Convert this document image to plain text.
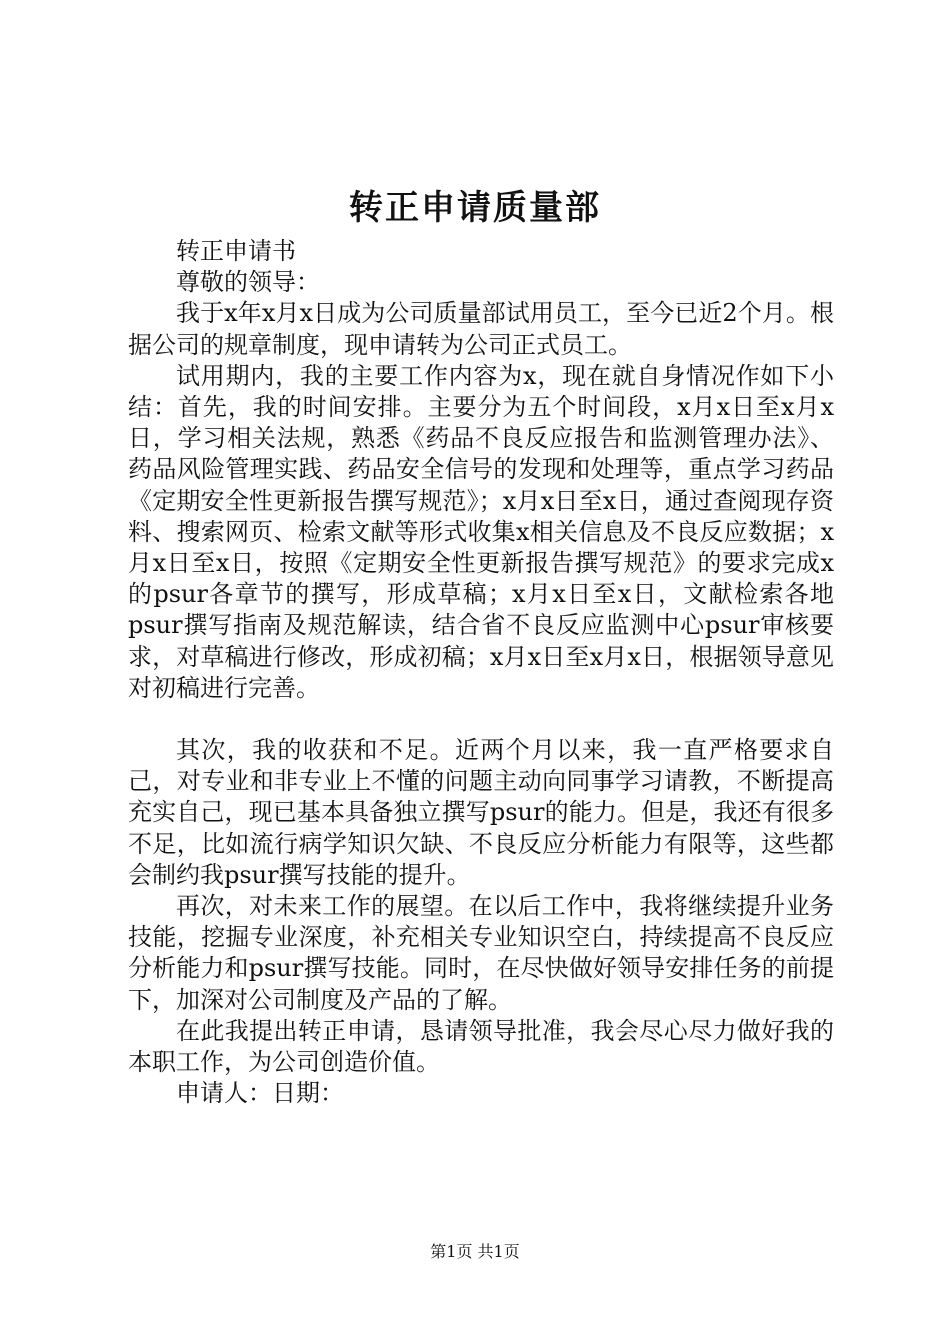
转正申请质量部

转正申请书

尊敬的领导：

我于x年x月x日成为公司质量部试用员工，至今已近2个月。根据公司的规章制度，现申请转为公司正式员工。

试用期内，我的主要工作内容为x，现在就自身情况作如下小结：首先，我的时间安排。主要分为五个时间段，x月x日至x月x日，学习相关法规，熟悉《药品不良反应报告和监测管理办法》、药品风险管理实践、药品安全信号的发现和处理等，重点学习药品《定期安全性更新报告撰写规范》；x月x日至x日，通过查阅现存资料、搜索网页、检索文献等形式收集x相关信息及不良反应数据；x月x日至x日，按照《定期安全性更新报告撰写规范》的要求完成x的psur各章节的撰写，形成草稿；x月x日至x日，文献检索各地psur撰写指南及规范解读，结合省不良反应监测中心psur审核要求，对草稿进行修改，形成初稿；x月x日至x月x日，根据领导意见对初稿进行完善。

其次，我的收获和不足。近两个月以来，我一直严格要求自己，对专业和非专业上不懂的问题主动向同事学习请教，不断提高充实自己，现已基本具备独立撰写psur的能力。但是，我还有很多不足，比如流行病学知识欠缺、不良反应分析能力有限等，这些都会制约我psur撰写技能的提升。

再次，对未来工作的展望。在以后工作中，我将继续提升业务技能，挖掘专业深度，补充相关专业知识空白，持续提高不良反应分析能力和psur撰写技能。同时，在尽快做好领导安排任务的前提下，加深对公司制度及产品的了解。

在此我提出转正申请，恳请领导批准，我会尽心尽力做好我的本职工作，为公司创造价值。

申请人：日期：

第1页 共1页
